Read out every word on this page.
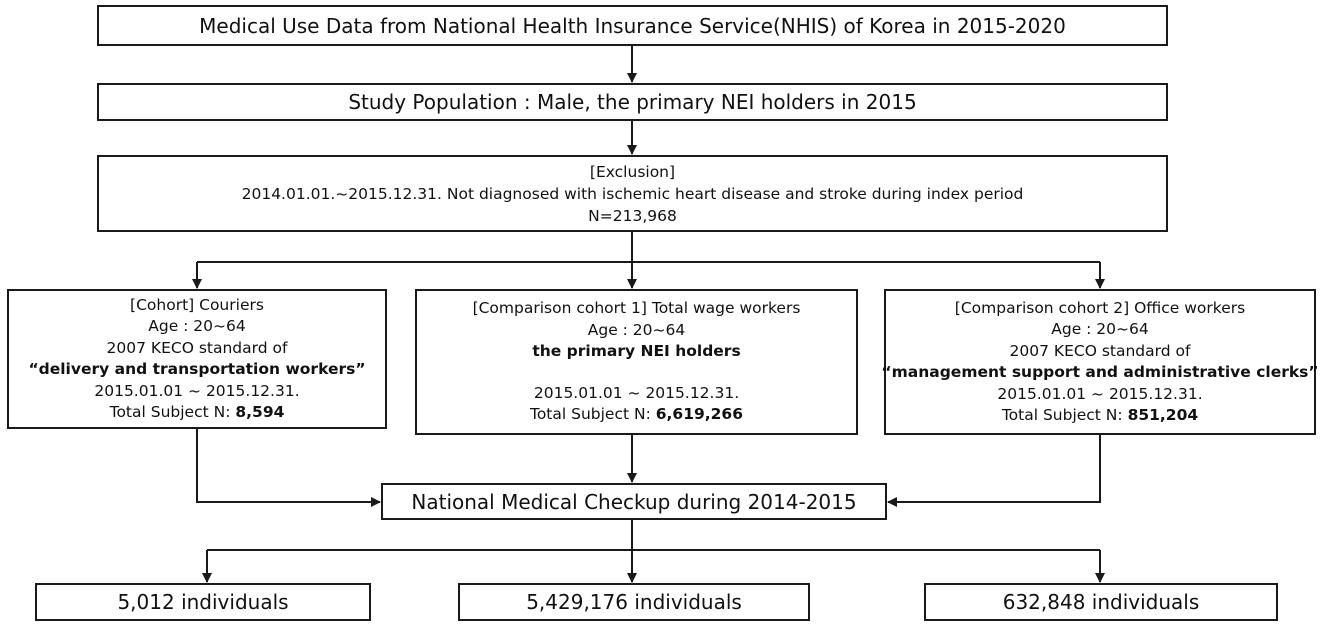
Medical Use Data from National Health Insurance Service(NHIS) of Korea in 2015-2020
Study Population : Male, the primary NEI holders in 2015
[Exclusion]
2014.01.01.~2015.12.31. Not diagnosed with ischemic heart disease and stroke during index period
N=213,968
[Cohort] Couriers
Age : 20~64
2007 KECO standard of
“delivery and transportation workers”
2015.01.01 ~ 2015.12.31.
Total Subject N: 8,594
[Comparison cohort 1] Total wage workers
Age : 20~64
the primary NEI holders
2015.01.01 ~ 2015.12.31.
Total Subject N: 6,619,266
[Comparison cohort 2] Office workers
Age : 20~64
2007 KECO standard of
“management support and administrative clerks”
2015.01.01 ~ 2015.12.31.
Total Subject N: 851,204
National Medical Checkup during 2014-2015
5,012 individuals	5,429,176 individuals	632,848 individuals
